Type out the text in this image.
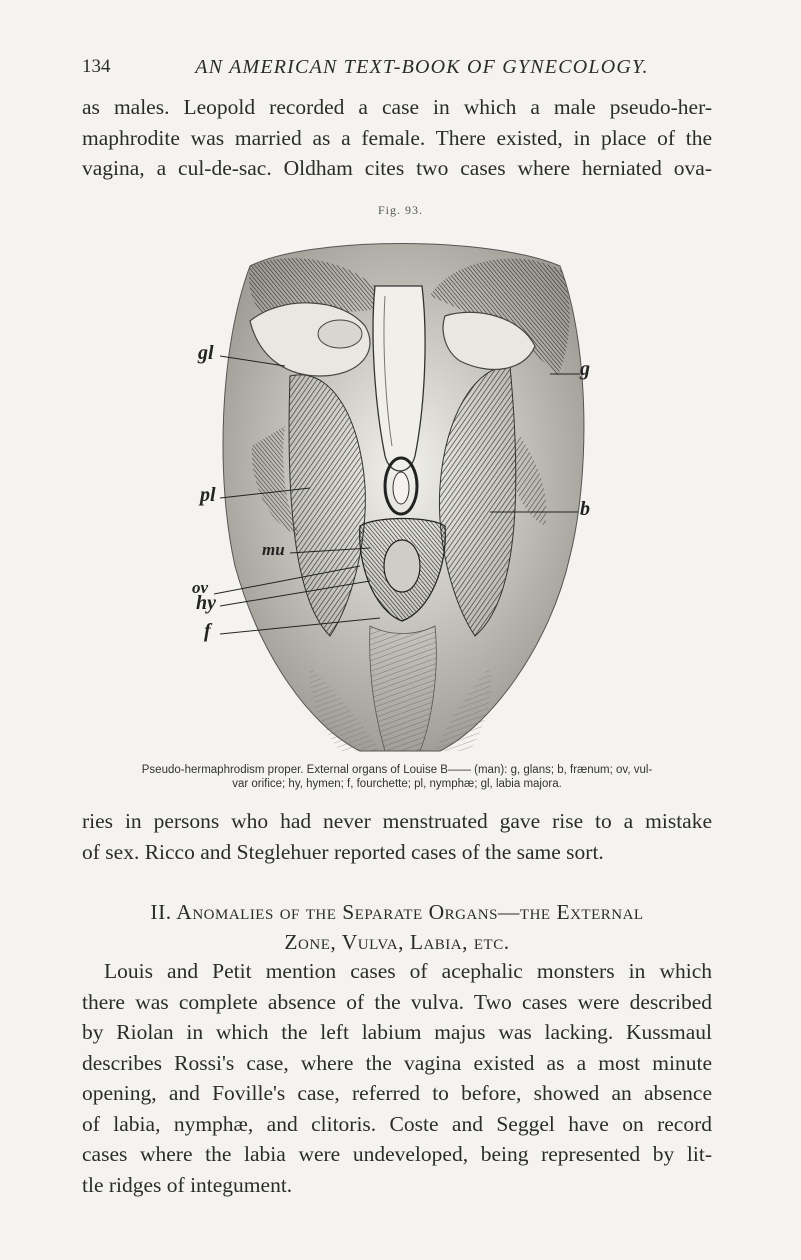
134	AN AMERICAN TEXT-BOOK OF GYNECOLOGY.
as males. Leopold recorded a case in which a male pseudo-her-
maphrodite was married as a female. There existed, in place of the
vagina, a cul-de-sac. Oldham cites two cases where herniated ova-
Fig. 93.
gl
pl
mu
ov
hy
f
g
b
Pseudo-hermaphrodism proper. External organs of Louise B—— (man): g, glans; b, frænum; ov, vul-
var orifice; hy, hymen; f, fourchette; pl, nymphæ; gl, labia majora.
ries in persons who had never menstruated gave rise to a mistake
of sex. Ricco and Steglehuer reported cases of the same sort.
II. Anomalies of the Separate Organs—the External
Zone, Vulva, Labia, etc.
Louis and Petit mention cases of acephalic monsters in which
there was complete absence of the vulva. Two cases were described
by Riolan in which the left labium majus was lacking. Kussmaul
describes Rossi's case, where the vagina existed as a most minute
opening, and Foville's case, referred to before, showed an absence
of labia, nymphæ, and clitoris. Coste and Seggel have on record
cases where the labia were undeveloped, being represented by lit-
tle ridges of integument.
